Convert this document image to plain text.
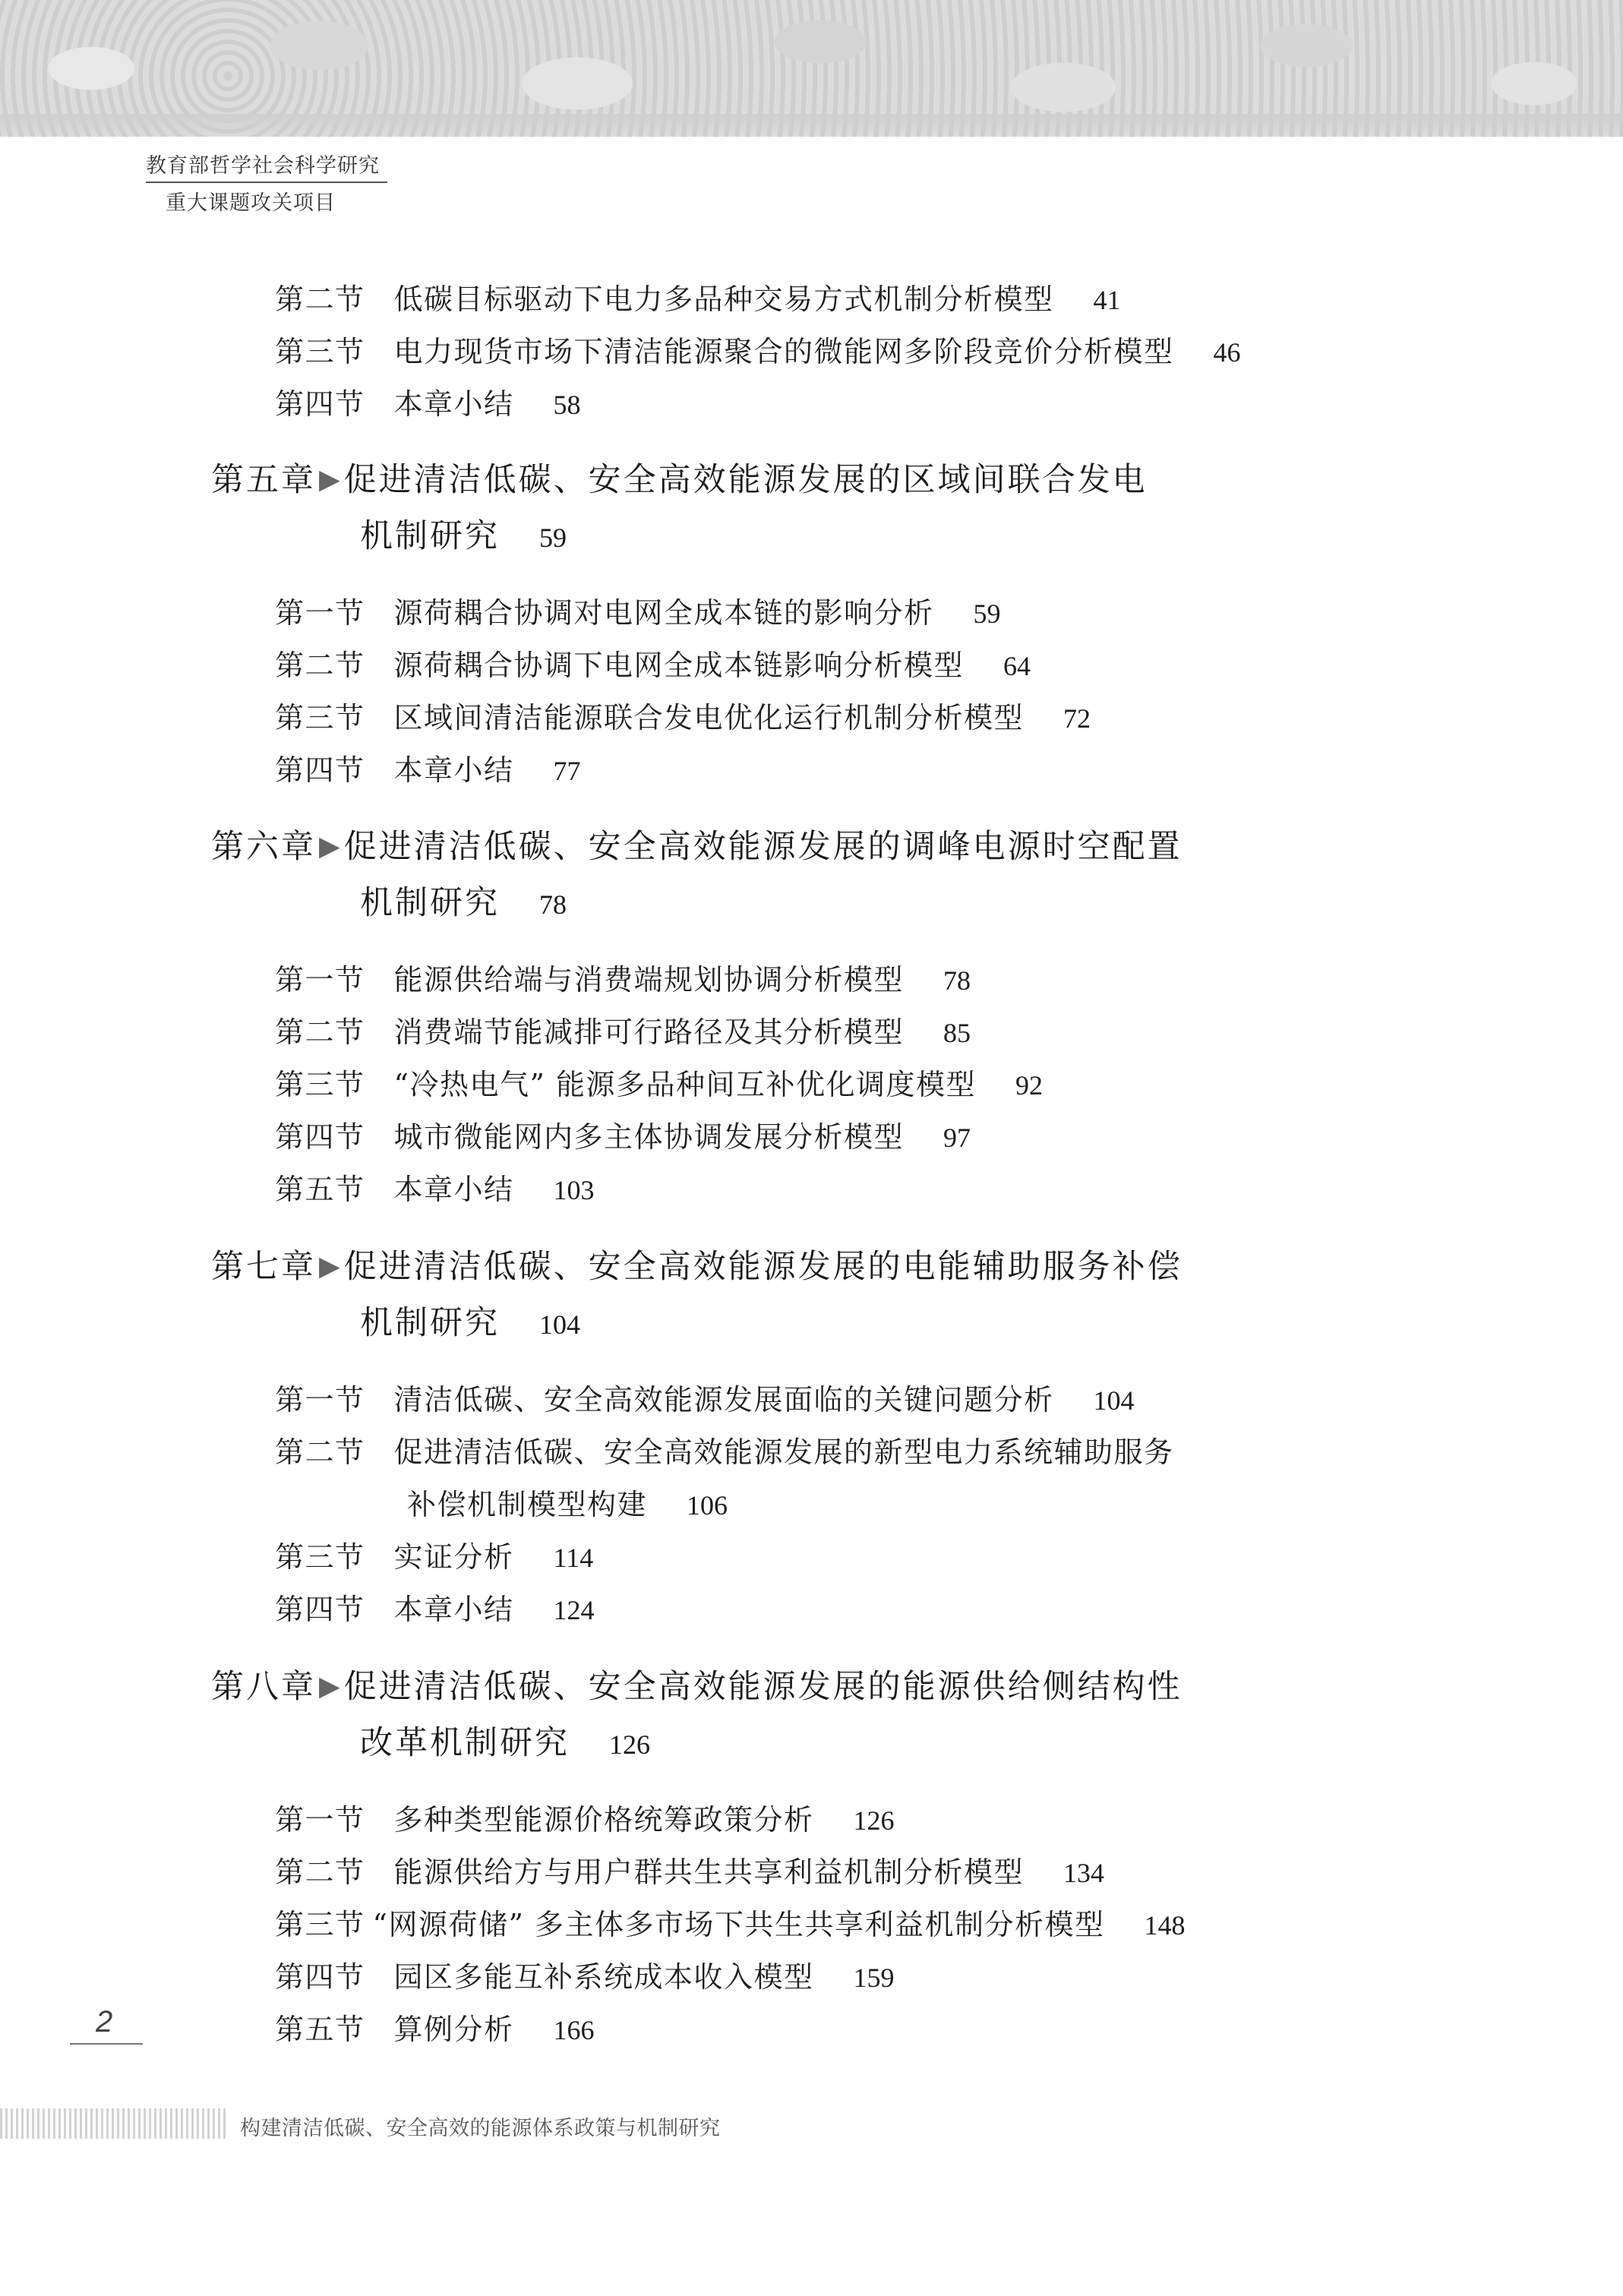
教育部哲学社会科学研究
重大课题攻关项目
第二节 低碳目标驱动下电力多品种交易方式机制分析模型 41
第三节 电力现货市场下清洁能源聚合的微能网多阶段竞价分析模型 46
第四节 本章小结 58
第五章 ▶促进清洁低碳、安全高效能源发展的区域间联合发电
机制研究 59
第一节 源荷耦合协调对电网全成本链的影响分析 59
第二节 源荷耦合协调下电网全成本链影响分析模型 64
第三节 区域间清洁能源联合发电优化运行机制分析模型 72
第四节 本章小结 77
第六章 ▶促进清洁低碳、安全高效能源发展的调峰电源时空配置
机制研究 78
第一节 能源供给端与消费端规划协调分析模型 78
第二节 消费端节能减排可行路径及其分析模型 85
第三节 “冷热电气” 能源多品种间互补优化调度模型 92
第四节 城市微能网内多主体协调发展分析模型 97
第五节 本章小结 103
第七章 ▶促进清洁低碳、安全高效能源发展的电能辅助服务补偿
机制研究 104
第一节 清洁低碳、安全高效能源发展面临的关键问题分析 104
第二节 促进清洁低碳、安全高效能源发展的新型电力系统辅助服务
补偿机制模型构建 106
第三节 实证分析 114
第四节 本章小结 124
第八章 ▶促进清洁低碳、安全高效能源发展的能源供给侧结构性
改革机制研究 126
第一节 多种类型能源价格统筹政策分析 126
第二节 能源供给方与用户群共生共享利益机制分析模型 134
第三节 “网源荷储” 多主体多市场下共生共享利益机制分析模型 148
第四节 园区多能互补系统成本收入模型 159
第五节 算例分析 166
2
构建清洁低碳、安全高效的能源体系政策与机制研究
